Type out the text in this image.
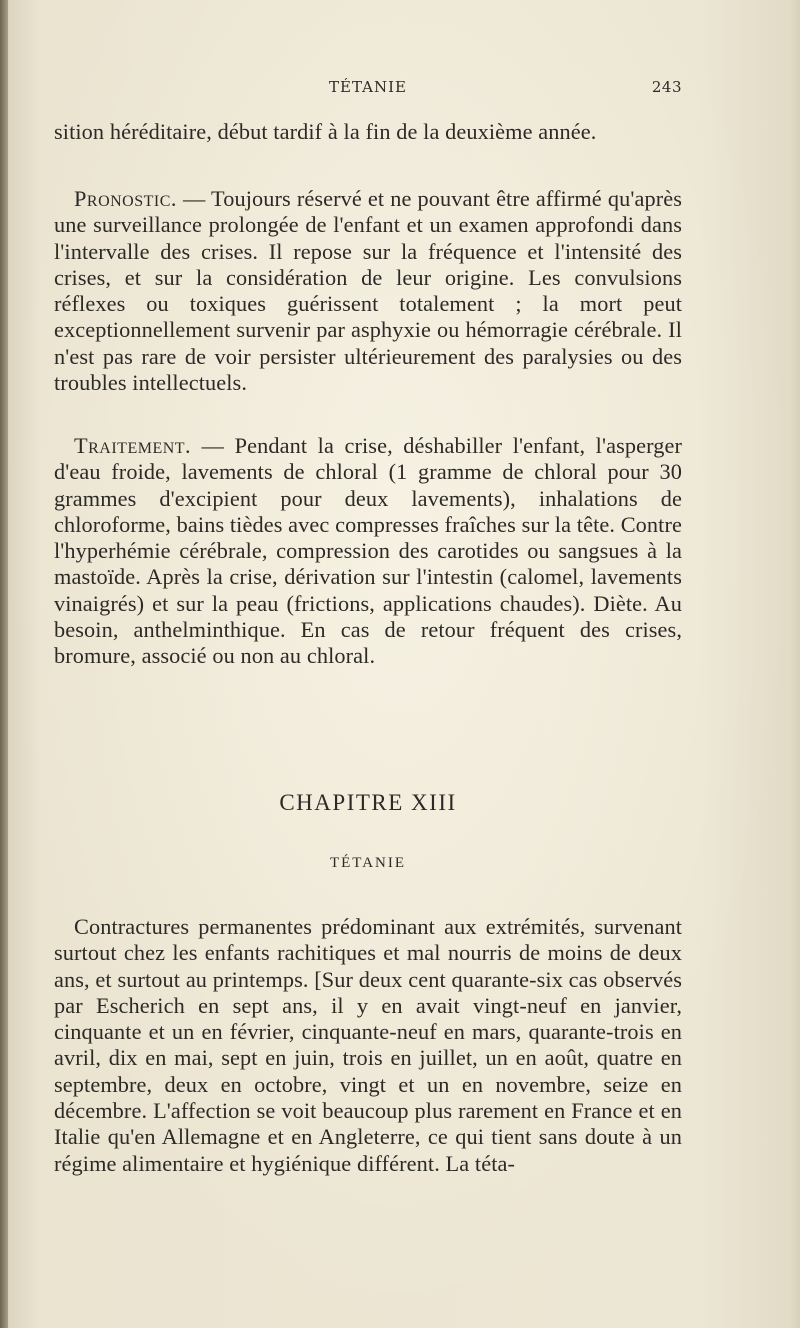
TÉTANIE	243

sition héréditaire, début tardif à la fin de la deuxième année.

Pronostic. — Toujours réservé et ne pouvant être affirmé qu'après une surveillance prolongée de l'enfant et un examen approfondi dans l'intervalle des crises. Il repose sur la fréquence et l'intensité des crises, et sur la considération de leur origine. Les convulsions réflexes ou toxiques guérissent totalement ; la mort peut exceptionnellement survenir par asphyxie ou hémorragie cérébrale. Il n'est pas rare de voir persister ultérieurement des paralysies ou des troubles intellectuels.

Traitement. — Pendant la crise, déshabiller l'enfant, l'asperger d'eau froide, lavements de chloral (1 gramme de chloral pour 30 grammes d'excipient pour deux lavements), inhalations de chloroforme, bains tièdes avec compresses fraîches sur la tête. Contre l'hyperhémie cérébrale, compression des carotides ou sangsues à la mastoïde. Après la crise, dérivation sur l'intestin (calomel, lavements vinaigrés) et sur la peau (frictions, applications chaudes). Diète. Au besoin, anthelminthique. En cas de retour fréquent des crises, bromure, associé ou non au chloral.

CHAPITRE XIII
TÉTANIE

Contractures permanentes prédominant aux extrémités, survenant surtout chez les enfants rachitiques et mal nourris de moins de deux ans, et surtout au printemps. [Sur deux cent quarante-six cas observés par Escherich en sept ans, il y en avait vingt-neuf en janvier, cinquante et un en février, cinquante-neuf en mars, quarante-trois en avril, dix en mai, sept en juin, trois en juillet, un en août, quatre en septembre, deux en octobre, vingt et un en novembre, seize en décembre. L'affection se voit beaucoup plus rarement en France et en Italie qu'en Allemagne et en Angleterre, ce qui tient sans doute à un régime alimentaire et hygiénique différent. La téta-
